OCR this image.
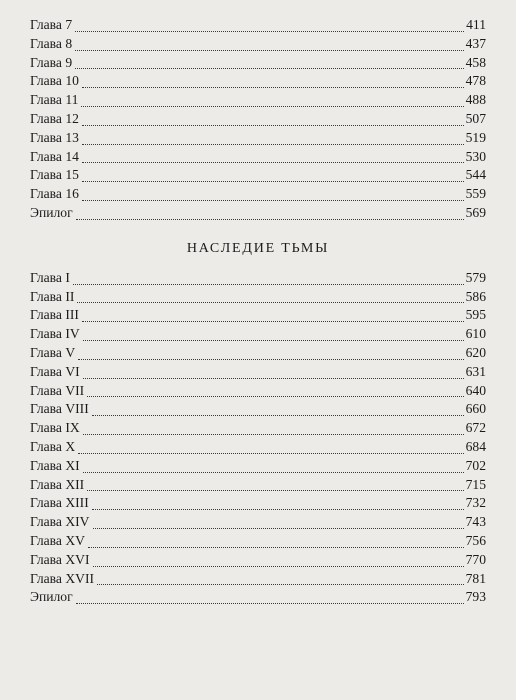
Глава 7	411
Глава 8	437
Глава 9	458
Глава 10	478
Глава 11	488
Глава 12	507
Глава 13	519
Глава 14	530
Глава 15	544
Глава 16	559
Эпилог	569
НАСЛЕДИЕ ТЬМЫ
Глава I	579
Глава II	586
Глава III	595
Глава IV	610
Глава V	620
Глава VI	631
Глава VII	640
Глава VIII	660
Глава IX	672
Глава X	684
Глава XI	702
Глава XII	715
Глава XIII	732
Глава XIV	743
Глава XV	756
Глава XVI	770
Глава XVII	781
Эпилог	793
